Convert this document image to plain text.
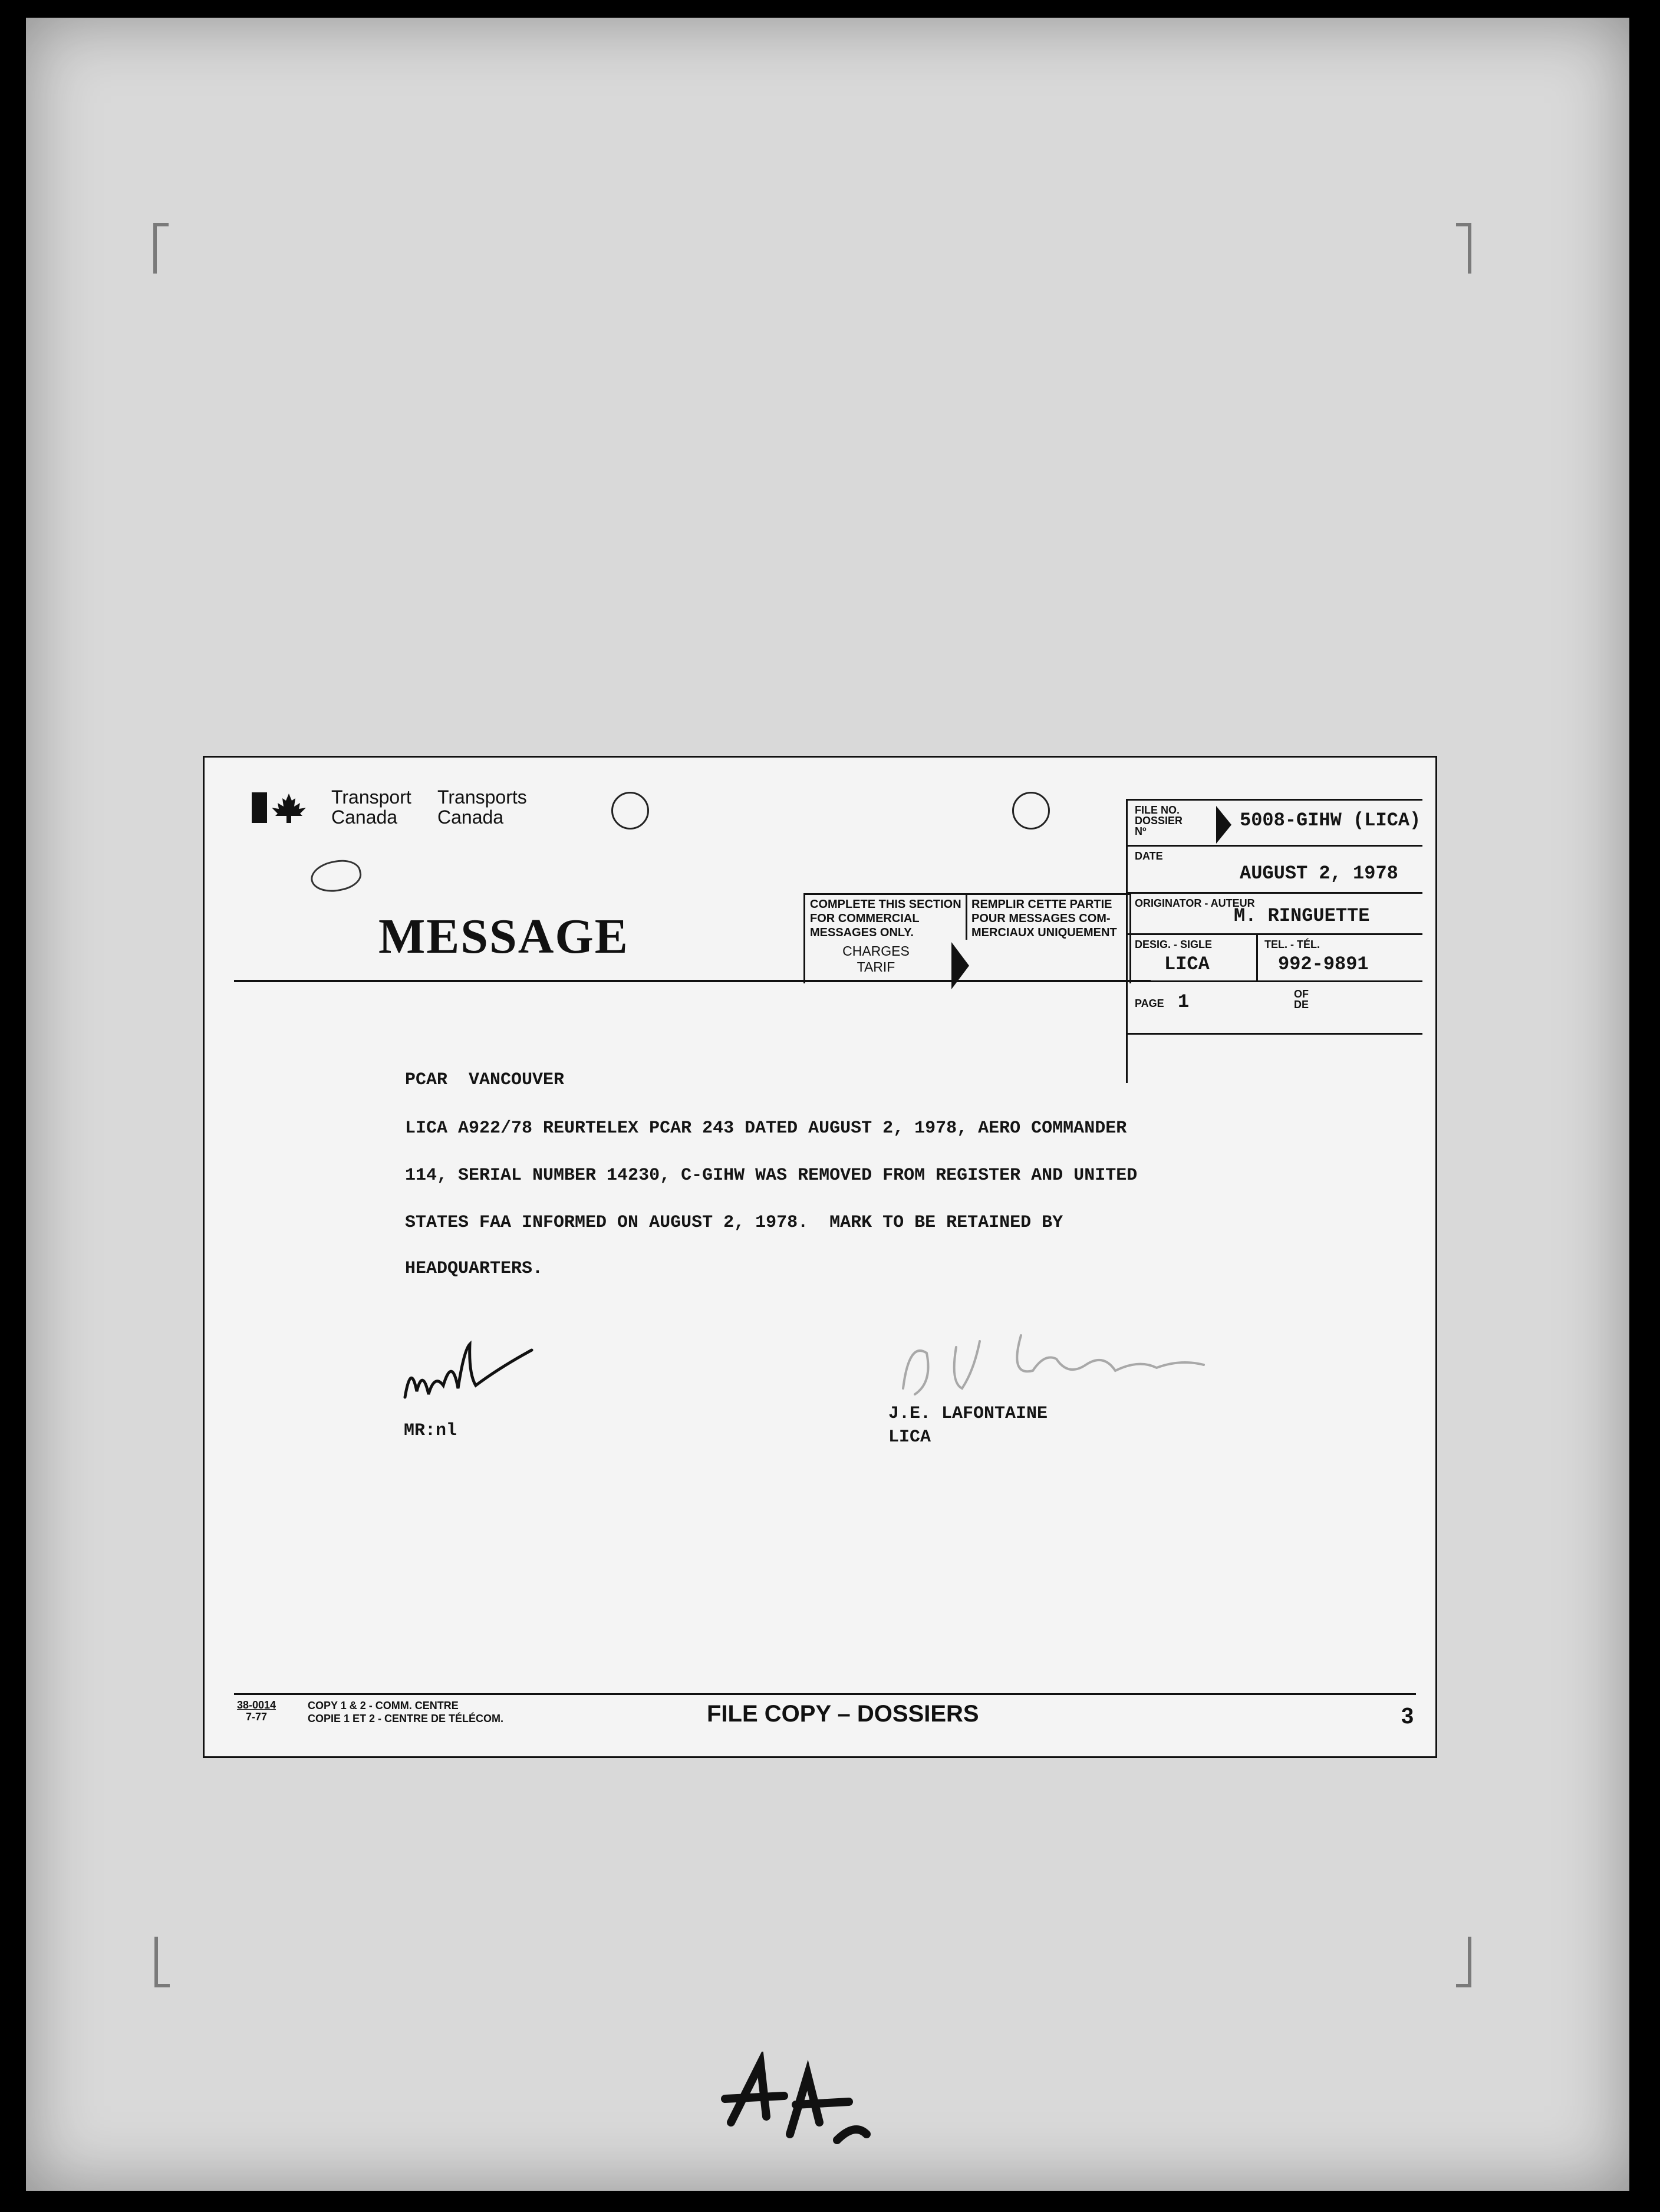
Transport
Canada
Transports
Canada
MESSAGE
COMPLETE THIS SECTION
FOR COMMERCIAL
MESSAGES ONLY.
REMPLIR CETTE PARTIE
POUR MESSAGES COM-
MERCIAUX UNIQUEMENT
CHARGES
TARIF
FILE NO.
DOSSIER
Nº	5008-GIHW (LICA)
DATE
AUGUST 2, 1978
ORIGINATOR - AUTEUR
M. RINGUETTE
DESIG. - SIGLE
LICA
TEL. - TÉL.
992-9891
PAGE 1	OF
DE
PCAR  VANCOUVER
LICA A922/78 REURTELEX PCAR 243 DATED AUGUST 2, 1978, AERO COMMANDER
114, SERIAL NUMBER 14230, C-GIHW WAS REMOVED FROM REGISTER AND UNITED
STATES FAA INFORMED ON AUGUST 2, 1978.  MARK TO BE RETAINED BY
HEADQUARTERS.
MR:nl
J.E. LAFONTAINE
LICA
38-0014
7-77
COPY 1 & 2 - COMM. CENTRE
COPIE 1 ET 2 - CENTRE DE TÉLÉCOM.	FILE COPY – DOSSIERS	3
